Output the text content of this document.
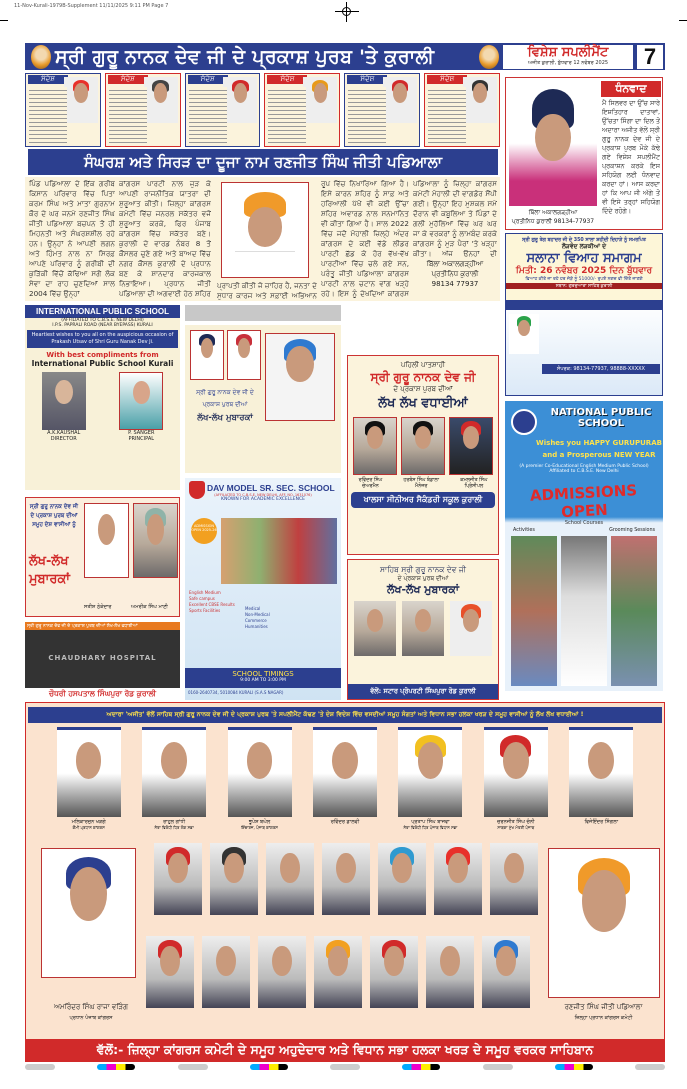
11-Nov-Kurali-1979B-Supplement 11/11/2025 9:11 PM Page 7
ਸ੍ਰੀ ਗੁਰੂ ਨਾਨਕ ਦੇਵ ਜੀ ਦੇ ਪ੍ਰਕਾਸ਼ ਪੁਰਬ 'ਤੇ ਕੁਰਾਲੀ	ਵਿਸ਼ੇਸ਼ ਸਪਲੀਮੈਂਟ
ਅਜੀਤ ਕੁਰਾਲੀ, ਬੁੱਧਵਾਰ 12 ਨਵੰਬਰ 2025	7
ਸੰਦੇਸ਼	ਸੰਦੇਸ਼	ਸੰਦੇਸ਼	ਸੰਦੇਸ਼	ਸੰਦੇਸ਼	ਸੰਦੇਸ਼
ਸੰਘਰਸ਼ ਅਤੇ ਸਿਰੜ ਦਾ ਦੂਜਾ ਨਾਮ ਰਣਜੀਤ ਸਿੰਘ ਜੀਤੀ ਪਡਿਆਲਾ
ਪਿੰਡ ਪਡਿਆਲਾ ਦੇ ਇੱਕ ਗਰੀਬ ਕਿਸਾਨ ਪਰਿਵਾਰ ਵਿੱਚ ਪਿਤਾ ਕਰਮ ਸਿੰਘ ਅਤੇ ਮਾਤਾ ਗੁਰਨਾਮ ਕੌਰ ਦੇ ਘਰ ਜਨਮੇ ਰਣਜੀਤ ਸਿੰਘ ਜੀਤੀ ਪਡਿਆਲਾ ਬਚਪਨ ਤੋਂ ਹੀ ਮਿਹਨਤੀ ਅਤੇ ਸੰਘਰਸ਼ਸ਼ੀਲ ਰਹੇ ਹਨ। ਉਨ੍ਹਾਂ ਨੇ ਆਪਣੀ ਲਗਨ ਅਤੇ ਹਿੰਮਤ ਨਾਲ ਨਾ ਸਿਰਫ਼ ਆਪਣੇ ਪਰਿਵਾਰ ਨੂੰ ਗਰੀਬੀ ਦੀ ਕੁੜਿੱਕੀ ਵਿੱਚੋਂ ਕੱਢਿਆ ਸਗੋਂ ਲੋਕ ਸੇਵਾ ਦਾ ਰਾਹ ਚੁਣਦਿਆਂ ਸਾਲ 2004 ਵਿੱਚ ਉਨ੍ਹਾਂ
ਕਾਂਗਰਸ ਪਾਰਟੀ ਨਾਲ ਜੁੜ ਕੇ ਆਪਣੀ ਰਾਜਨੀਤਿਕ ਯਾਤਰਾ ਦੀ ਸ਼ੁਰੂਆਤ ਕੀਤੀ। ਜ਼ਿਲ੍ਹਾ ਕਾਂਗਰਸ ਕਮੇਟੀ ਵਿੱਚ ਜਨਰਲ ਸਕੱਤਰ ਵਜੋਂ ਸ਼ੁਰੂਆਤ ਕਰਕੇ, ਫਿਰ ਪੰਜਾਬ ਕਾਂਗਰਸ ਵਿੱਚ ਸਕੱਤਰ ਬਣੇ। ਕੁਰਾਲੀ ਦੇ ਵਾਰਡ ਨੰਬਰ 8 ਤੋਂ ਕੌਂਸਲਰ ਚੁਣੇ ਗਏ ਅਤੇ ਬਾਅਦ ਵਿੱਚ ਨਗਰ ਕੌਂਸਲ ਕੁਰਾਲੀ ਦੇ ਪ੍ਰਧਾਨ ਬਣ ਕੇ ਸ਼ਾਨਦਾਰ ਕਾਰਜਕਾਲ ਨਿਭਾਇਆ। ਪ੍ਰਧਾਨ ਜੀਤੀ ਪਡਿਆਲਾ ਦੀ ਅਗਵਾਈ ਹੇਠ ਸ਼ਹਿਰ
ਪ੍ਰਾਪਤੀ ਕੀਤੀ ਜੋ ਜ਼ਾਹਿਰ ਹੈ, ਜਨਤਾ ਦੇ ਸੁਧਾਰ ਕਾਰਜ ਅਤੇ ਸਫ਼ਾਈ ਅਭਿਆਨ
ਰੂਪ ਵਿੱਚ ਨਿਖਾਰਿਆ ਗਿਆ ਹੈ। ਇਸੇ ਕਾਰਨ ਸ਼ਹਿਰ ਨੂੰ ਸਾਫ਼ ਅਤੇ ਹਰਿਆਲੀ ਪੱਖੋਂ ਵੀ ਕਈ ਉੱਚਾ ਸ਼ਹਿਰ ਅਵਾਰਡ ਨਾਲ ਸਨਮਾਨਿਤ ਵੀ ਕੀਤਾ ਗਿਆ ਹੈ। ਸਾਲ 2022 ਵਿੱਚ ਜਦੋਂ ਮੋਹਾਲੀ ਜ਼ਿਲ੍ਹੇ ਅੰਦਰ ਕਾਂਗਰਸ ਦੇ ਕਈ ਵੱਡੇ ਲੀਡਰ ਪਾਰਟੀ ਛੱਡ ਕੇ ਹੋਰ ਵੱਖ-ਵੱਖ ਪਾਰਟੀਆਂ ਵਿੱਚ ਚਲੇ ਗਏ ਸਨ, ਪਰੰਤੂ ਜੀਤੀ ਪਡਿਆਲਾ ਕਾਂਗਰਸ ਪਾਰਟੀ ਨਾਲ ਚਟਾਨ ਵਾਂਗ ਖੜ੍ਹੇ ਰਹੇ। ਇਸ ਨੂੰ ਦੇਖਦਿਆਂ ਕਾਂਗਰਸ
ਪਡਿਆਲਾ ਨੂੰ ਜ਼ਿਲ੍ਹਾ ਕਾਂਗਰਸ ਕਮੇਟੀ ਮੋਹਾਲੀ ਦੀ ਵਾਗਡੋਰ ਸੌਂਪੀ ਗਈ। ਉਨ੍ਹਾਂ ਇਹ ਮੁਸ਼ਕਲ ਸਮੇਂ ਦੌਰਾਨ ਵੀ ਕਬੂਲਿਆ ਤੇ ਪਿੰਡਾਂ ਦੇ ਗਲੀ ਮੁਹੱਲਿਆਂ ਵਿੱਚ ਘਰ ਘਰ ਜਾ ਕੇ ਵਰਕਰਾਂ ਨੂੰ ਲਾਮਬੰਦ ਕਰਕੇ ਕਾਂਗਰਸ ਨੂੰ ਮੁੜ ਪੈਰਾਂ 'ਤੇ ਖੜ੍ਹਾ ਕੀਤਾ। ਅੱਜ ਉਨ੍ਹਾਂ ਦੀ
ਬਿੱਲਾ ਅਕਾਲਗੜ੍ਹੀਆ
ਪ੍ਰਤੀਨਿਧ ਕੁਰਾਲੀ
98134 77937
ਬਿੱਲਾ ਅਕਾਲਗੜ੍ਹੀਆ
ਪ੍ਰਤੀਨਿਧ ਕੁਰਾਲੀ 98134-77937
ਧੰਨਵਾਦ
ਮੈਂ ਸਿਲਵਰ ਦਾ ਉੱਚ ਸਾਰੇ ਇਸ਼ਤਿਹਾਰ ਦਾਤਾਵਾਂ, ਉੱਚਤਾ ਸਿੰਗਾ ਦਾ ਦਿਲ ਤੋਂ ਅਦਾਰਾ ਅਜੀਤ ਵੱਲੋਂ ਸ੍ਰੀ ਗੁਰੂ ਨਾਨਕ ਦੇਵ ਜੀ ਦੇ ਪ੍ਰਕਾਸ਼ ਪੁਰਬ ਮੌਕੇ ਕੱਢੇ ਗਏ ਵਿਸ਼ੇਸ਼ ਸਪਲੀਮੈਂਟ ਪ੍ਰਕਾਸ਼ਨ ਕਰਕੇ ਇਸ ਸਹਿਯੋਗ ਲਈ ਧੰਨਵਾਦ ਕਰਦਾ ਹਾਂ। ਆਸ ਕਰਦਾ ਹਾਂ ਕਿ ਆਪ ਜੀ ਅੱਗੇ ਤੋਂ ਵੀ ਇਸੇ ਤਰ੍ਹਾਂ ਸਹਿਯੋਗ ਦਿੰਦੇ ਰਹੋਗੇ।
ਸ੍ਰੀ ਗੁਰੂ ਤੇਗ ਬਹਾਦਰ ਜੀ ਦੇ 350 ਸਾਲਾ ਸ਼ਹੀਦੀ ਦਿਹਾੜੇ ਨੂੰ ਸਮਰਪਿਤ
ਲੋੜਵੰਦ ਲੜਕੀਆਂ ਦੇ
ਸਲਾਨਾ ਵਿਆਹ ਸਮਾਗਮ
ਮਿਤੀ: 26 ਨਵੰਬਰ 2025 ਦਿਨ ਬੁੱਧਵਾਰ
ਵਿਆਹ ਕੀਤੇ ਜਾ ਰਹੇ ਹਰ ਜੋੜੇ ਨੂੰ 51000/- ਰੁਪਏ ਨਗਦ ਵੀ ਦਿੱਤੇ ਜਾਣਗੇ
ਸਥਾਨ: ਗੁਰਦੁਆਰਾ ਸਾਹਿਬ ਕੁਰਾਲੀ
ਸੰਪਰਕ: 98134-77937, 98888-XXXXX
NATIONAL PUBLIC SCHOOL
Wishes you HAPPY GURUPURAB
and a Prosperous NEW YEAR
(A premier Co-Educational English Medium Public School) Affiliated to C.B.S.E. New Delhi
ADMISSIONS OPEN
School Courses
Activities	Grooming Sessions
INTERNATIONAL PUBLIC SCHOOL
(AFFILIATED TO C.B.S.E. NEW DELHI)
I.P.S. PAPRALI ROAD (NEAR BYEPASS) KURALI
Heartiest wishes to you all on the auspicious occasion of Prakash Utsav of Shri Guru Nanak Dev Ji.
With best compliments from
International Public School Kurali
A.K.KAUSHAL
DIRECTOR
P. SANGER
PRINCIPAL
ਸ੍ਰੀ ਗੁਰੂ ਨਾਨਕ ਦੇਵ ਜੀ ਦੇ ਪ੍ਰਕਾਸ਼ ਪੁਰਬ ਦੀਆਂ ਸਮੂਹ ਦੇਸ਼ ਵਾਸੀਆਂ ਨੂੰ
ਲੱਖ-ਲੱਖ ਮੁਬਾਰਕਾਂ
ਸਤੀਸ਼ ਠੇਕੇਦਾਰ	ਅਮਰੀਕ ਸਿੰਘ ਮਾਣੀ
ਸ੍ਰੀ ਗੁਰੂ ਨਾਨਕ ਦੇਵ ਜੀ ਦੇ ਪ੍ਰਕਾਸ਼ ਪੁਰਬ ਦੀਆਂ ਲੱਖ-ਲੱਖ ਵਧਾਈਆਂ
CHAUDHARY HOSPITAL
ਚੌਧਰੀ ਹਸਪਤਾਲ ਸਿੰਘਪੁਰਾ ਰੋਡ ਕੁਰਾਲੀ
ਸ੍ਰੀ ਗੁਰੂ ਨਾਨਕ ਦੇਵ ਜੀ ਦੇ
ਪ੍ਰਕਾਸ਼ ਪੁਰਬ ਦੀਆਂ
ਲੱਖ-ਲੱਖ ਮੁਬਾਰਕਾਂ
DAV MODEL SR. SEC. SCHOOL
(AFFILIATED TO C.B.S.E. NEW DELHI, AFF. NO. 1631076)
KNOWN FOR ACADEMIC EXCELLENCE
ADMISSION OPEN 2025-26
English Medium
Safe campus
Excellent CBSE Results
Sports Facilities	Medical
Non-Medical
Commerce
Humanities
SCHOOL TIMINGS
9:00 AM TO 3:00 PM
0160-2640734, 5010084 KURALI (S.A.S NAGAR)
ਪਹਿਲੀ ਪਾਤਸ਼ਾਹੀ
ਸ੍ਰੀ ਗੁਰੂ ਨਾਨਕ ਦੇਵ ਜੀ
ਦੇ ਪ੍ਰਕਾਸ਼ ਪੁਰਬ ਦੀਆਂ
ਲੱਖ ਲੱਖ ਵਧਾਈਆਂ
ਰਵਿੰਦਰ ਸਿੰਘ
ਚੇਅਰਮੈਨ
ਹਰਬੰਸ ਸਿੰਘ ਬੰਡਾਲਾ
ਮੈਨੇਜਰ
ਕਮਲਜੀਤ ਸਿੰਘ
ਪ੍ਰਿੰਸੀਪਲ
ਖਾਲਸਾ ਸੀਨੀਅਰ ਸੈਕੰਡਰੀ ਸਕੂਲ ਕੁਰਾਲੀ
ਸਾਹਿਬ ਸ੍ਰੀ ਗੁਰੂ ਨਾਨਕ ਦੇਵ ਜੀ
ਦੇ ਪ੍ਰਕਾਸ਼ ਪੁਰਬ ਦੀਆਂ
ਲੱਖ-ਲੱਖ ਮੁਬਾਰਕਾਂ
ਵੱਲੋਂ: ਸਟਾਰ ਪ੍ਰੋਪਰਟੀ ਸਿੰਘਪੁਰਾ ਰੋਡ ਕੁਰਾਲੀ
ਅਦਾਰਾ 'ਅਜੀਤ' ਵੱਲੋਂ ਸਾਹਿਬ ਸ੍ਰੀ ਗੁਰੂ ਨਾਨਕ ਦੇਵ ਜੀ ਦੇ ਪ੍ਰਕਾਸ਼ ਪੁਰਬ 'ਤੇ ਸਪਲੀਮੈਂਟ ਕੱਢਣ 'ਤੇ ਦੇਸ਼ ਵਿਦੇਸ਼ ਵਿੱਚ ਵਸਦੀਆਂ ਸਮੂਹ ਸੰਗਤਾਂ ਅਤੇ ਵਿਧਾਨ ਸਭਾ ਹਲਕਾ ਖਰੜ ਦੇ ਸਮੂਹ ਵਾਸੀਆਂ ਨੂੰ ਲੱਖ ਲੱਖ ਵਧਾਈਆਂ !
ਮਲਿਕਾਰਜੁਨ ਖੜਗੇ
ਕੌਮੀ ਪ੍ਰਧਾਨ ਕਾਂਗਰਸ
ਰਾਹੁਲ ਗਾਂਧੀ
ਨੇਤਾ ਵਿਰੋਧੀ ਧਿਰ ਲੋਕ ਸਭਾ
ਭੂਪੇਸ਼ ਬਘੇਲ
ਇੰਚਾਰਜ, ਪੰਜਾਬ ਕਾਂਗਰਸ
ਰਵਿੰਦਰ ਡਾਲਵੀ	ਪ੍ਰਤਾਪ ਸਿੰਘ ਬਾਜਵਾ
ਨੇਤਾ ਵਿਰੋਧੀ ਧਿਰ ਪੰਜਾਬ ਵਿਧਾਨ ਸਭਾ
ਚਰਨਜੀਤ ਸਿੰਘ ਚੰਨੀ
ਸਾਬਕਾ ਮੁੱਖ ਮੰਤਰੀ ਪੰਜਾਬ
ਵਿਜੇਇੰਦਰ ਸਿੰਗਲਾ
ਅਮਰਿੰਦਰ ਸਿੰਘ ਰਾਜਾ ਵੜਿੰਗ
ਪ੍ਰਧਾਨ ਪੰਜਾਬ ਕਾਂਗਰਸ
ਰਣਜੀਤ ਸਿੰਘ ਜੀਤੀ ਪਡਿਆਲਾ
ਜ਼ਿਲ੍ਹਾ ਪ੍ਰਧਾਨ ਕਾਂਗਰਸ ਕਮੇਟੀ
ਵੱਲੋਂ:- ਜ਼ਿਲ੍ਹਾ ਕਾਂਗਰਸ ਕਮੇਟੀ ਦੇ ਸਮੂਹ ਅਹੁਦੇਦਾਰ ਅਤੇ ਵਿਧਾਨ ਸਭਾ ਹਲਕਾ ਖਰੜ ਦੇ ਸਮੂਹ ਵਰਕਰ ਸਾਹਿਬਾਨ
